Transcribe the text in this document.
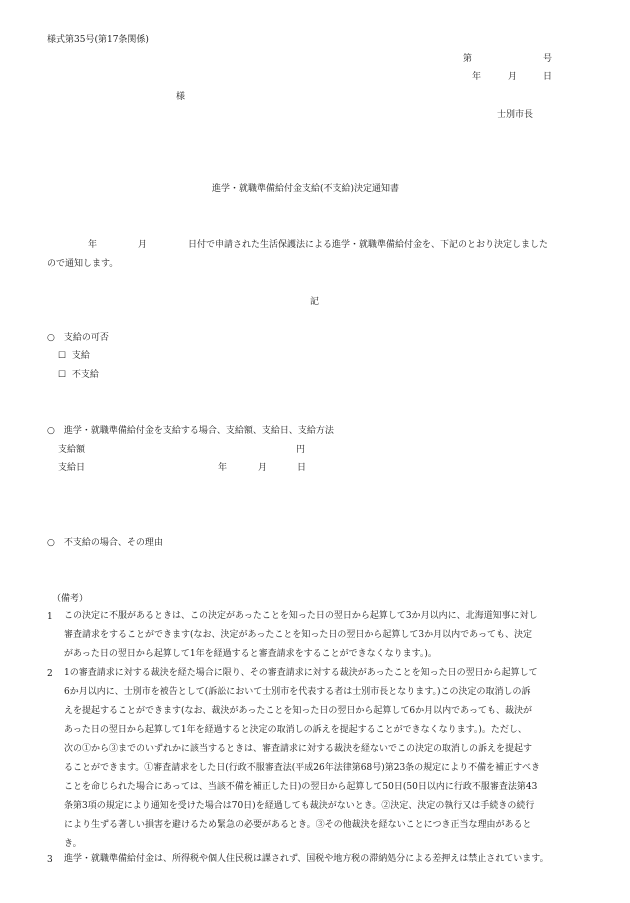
様式第35号(第17条関係)
第	号
年	月	日
様
士別市長
進学・就職準備給付金支給(不支給)決定通知書
年	月	日付で申請された生活保護法による進学・就職準備給付金を、下記のとおり決定しました
ので通知します。
記
○　支給の可否
☐ 支給
☐ 不支給
○　進学・就職準備給付金を支給する場合、支給額、支給日、支給方法
支給額	円
支給日	年	月	日
○　不支給の場合、その理由
（備考）
1 この決定に不服があるときは、この決定があったことを知った日の翌日から起算して3か月以内に、北海道知事に対し
審査請求をすることができます(なお、決定があったことを知った日の翌日から起算して3か月以内であっても、決定
があった日の翌日から起算して1年を経過すると審査請求をすることができなくなります。)。
2 1の審査請求に対する裁決を経た場合に限り、その審査請求に対する裁決があったことを知った日の翌日から起算して
6か月以内に、士別市を被告として(訴訟において士別市を代表する者は士別市長となります。)この決定の取消しの訴
えを提起することができます(なお、裁決があったことを知った日の翌日から起算して6か月以内であっても、裁決が
あった日の翌日から起算して1年を経過すると決定の取消しの訴えを提起することができなくなります。)。ただし、
次の①から③までのいずれかに該当するときは、審査請求に対する裁決を経ないでこの決定の取消しの訴えを提起す
ることができます。①審査請求をした日(行政不服審査法(平成26年法律第68号)第23条の規定により不備を補正すべき
ことを命じられた場合にあっては、当該不備を補正した日)の翌日から起算して50日(50日以内に行政不服審査法第43
条第3項の規定により通知を受けた場合は70日)を経過しても裁決がないとき。②決定、決定の執行又は手続きの続行
により生ずる著しい損害を避けるため緊急の必要があるとき。③その他裁決を経ないことにつき正当な理由があると
き。
3 進学・就職準備給付金は、所得税や個人住民税は課されず、国税や地方税の滞納処分による差押えは禁止されています。
